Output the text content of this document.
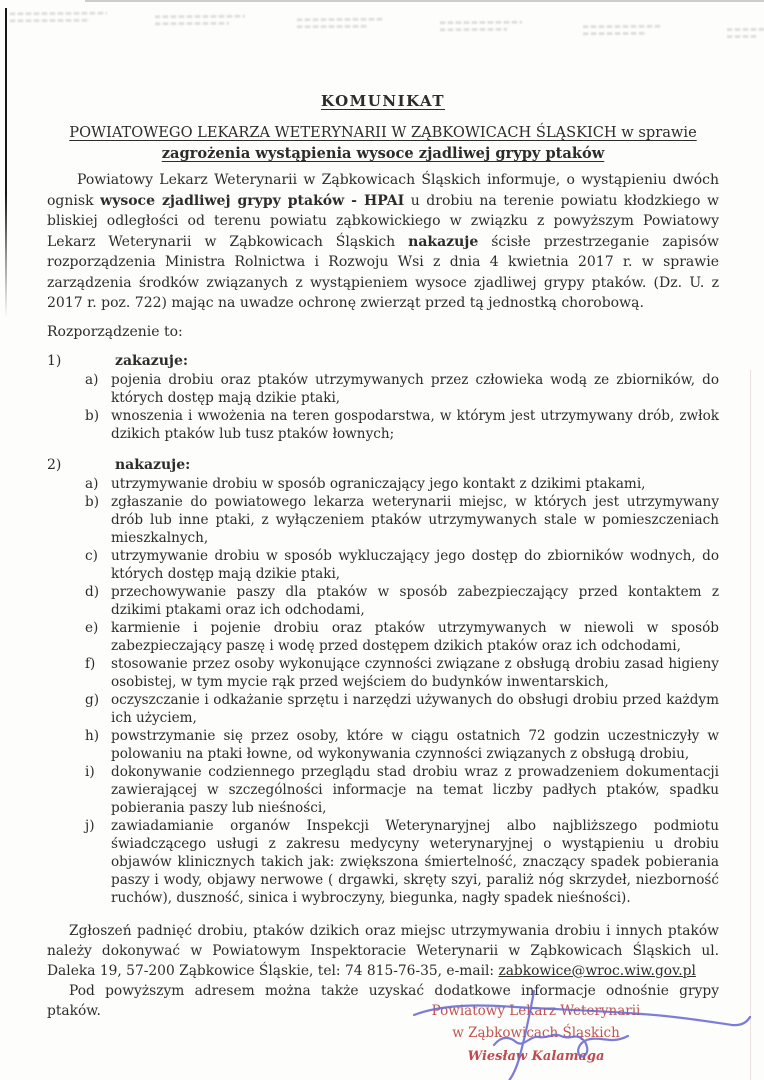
KOMUNIKAT
POWIATOWEGO LEKARZA WETERYNARII W ZĄBKOWICACH ŚLĄSKICH w sprawie
zagrożenia wystąpienia wysoce zjadliwej grypy ptaków

Powiatowy Lekarz Weterynarii w Ząbkowicach Śląskich informuje, o wystąpieniu dwóch ognisk wysoce zjadliwej grypy ptaków - HPAI u drobiu na terenie powiatu kłodzkiego w bliskiej odległości od terenu powiatu ząbkowickiego w związku z powyższym Powiatowy Lekarz Weterynarii w Ząbkowicach Śląskich nakazuje ścisłe przestrzeganie zapisów rozporządzenia Ministra Rolnictwa i Rozwoju Wsi z dnia 4 kwietnia 2017 r. w sprawie zarządzenia środków związanych z wystąpieniem wysoce zjadliwej grypy ptaków. (Dz. U. z 2017 r. poz. 722) mając na uwadze ochronę zwierząt przed tą jednostką chorobową.

Rozporządzenie to:

1)	zakazuje:
a) pojenia drobiu oraz ptaków utrzymywanych przez człowieka wodą ze zbiorników, do których dostęp mają dzikie ptaki,
b) wnoszenia i wwożenia na teren gospodarstwa, w którym jest utrzymywany drób, zwłok dzikich ptaków lub tusz ptaków łownych;
2)	nakazuje:
a) utrzymywanie drobiu w sposób ograniczający jego kontakt z dzikimi ptakami,
b) zgłaszanie do powiatowego lekarza weterynarii miejsc, w których jest utrzymywany drób lub inne ptaki, z wyłączeniem ptaków utrzymywanych stale w pomieszczeniach mieszkalnych,
c) utrzymywanie drobiu w sposób wykluczający jego dostęp do zbiorników wodnych, do których dostęp mają dzikie ptaki,
d) przechowywanie paszy dla ptaków w sposób zabezpieczający przed kontaktem z dzikimi ptakami oraz ich odchodami,
e) karmienie i pojenie drobiu oraz ptaków utrzymywanych w niewoli w sposób zabezpieczający paszę i wodę przed dostępem dzikich ptaków oraz ich odchodami,
f)	stosowanie przez osoby wykonujące czynności związane z obsługą drobiu zasad higieny osobistej, w tym mycie rąk przed wejściem do budynków inwentarskich,
g) oczyszczanie i odkażanie sprzętu i narzędzi używanych do obsługi drobiu przed każdym ich użyciem,
h) powstrzymanie się przez osoby, które w ciągu ostatnich 72 godzin uczestniczyły w polowaniu na ptaki łowne, od wykonywania czynności związanych z obsługą drobiu,
i)	dokonywanie codziennego przeglądu stad drobiu wraz z prowadzeniem dokumentacji zawierającej w szczególności informacje na temat liczby padłych ptaków, spadku pobierania paszy lub nieśności,
j)	zawiadamianie organów Inspekcji Weterynaryjnej albo najbliższego podmiotu świadczącego usługi z zakresu medycyny weterynaryjnej o wystąpieniu u drobiu objawów klinicznych takich jak: zwiększona śmiertelność, znaczący spadek pobierania paszy i wody, objawy nerwowe ( drgawki, skręty szyi, paraliż nóg skrzydeł, niezborność ruchów), duszność, sinica i wybroczyny, biegunka, nagły spadek nieśności).

Zgłoszeń padnięć drobiu, ptaków dzikich oraz miejsc utrzymywania drobiu i innych ptaków należy dokonywać w Powiatowym Inspektoracie Weterynarii w Ząbkowicach Śląskich ul. Daleka 19, 57-200 Ząbkowice Śląskie, tel: 74 815-76-35, e-mail: zabkowice@wroc.wiw.gov.pl

Pod powyższym adresem można także uzyskać dodatkowe informacje odnośnie grypy ptaków.	Powiatowy Lekarz Weterynarii
w Ząbkowicach Śląskich
Wiesław Kalamaga
